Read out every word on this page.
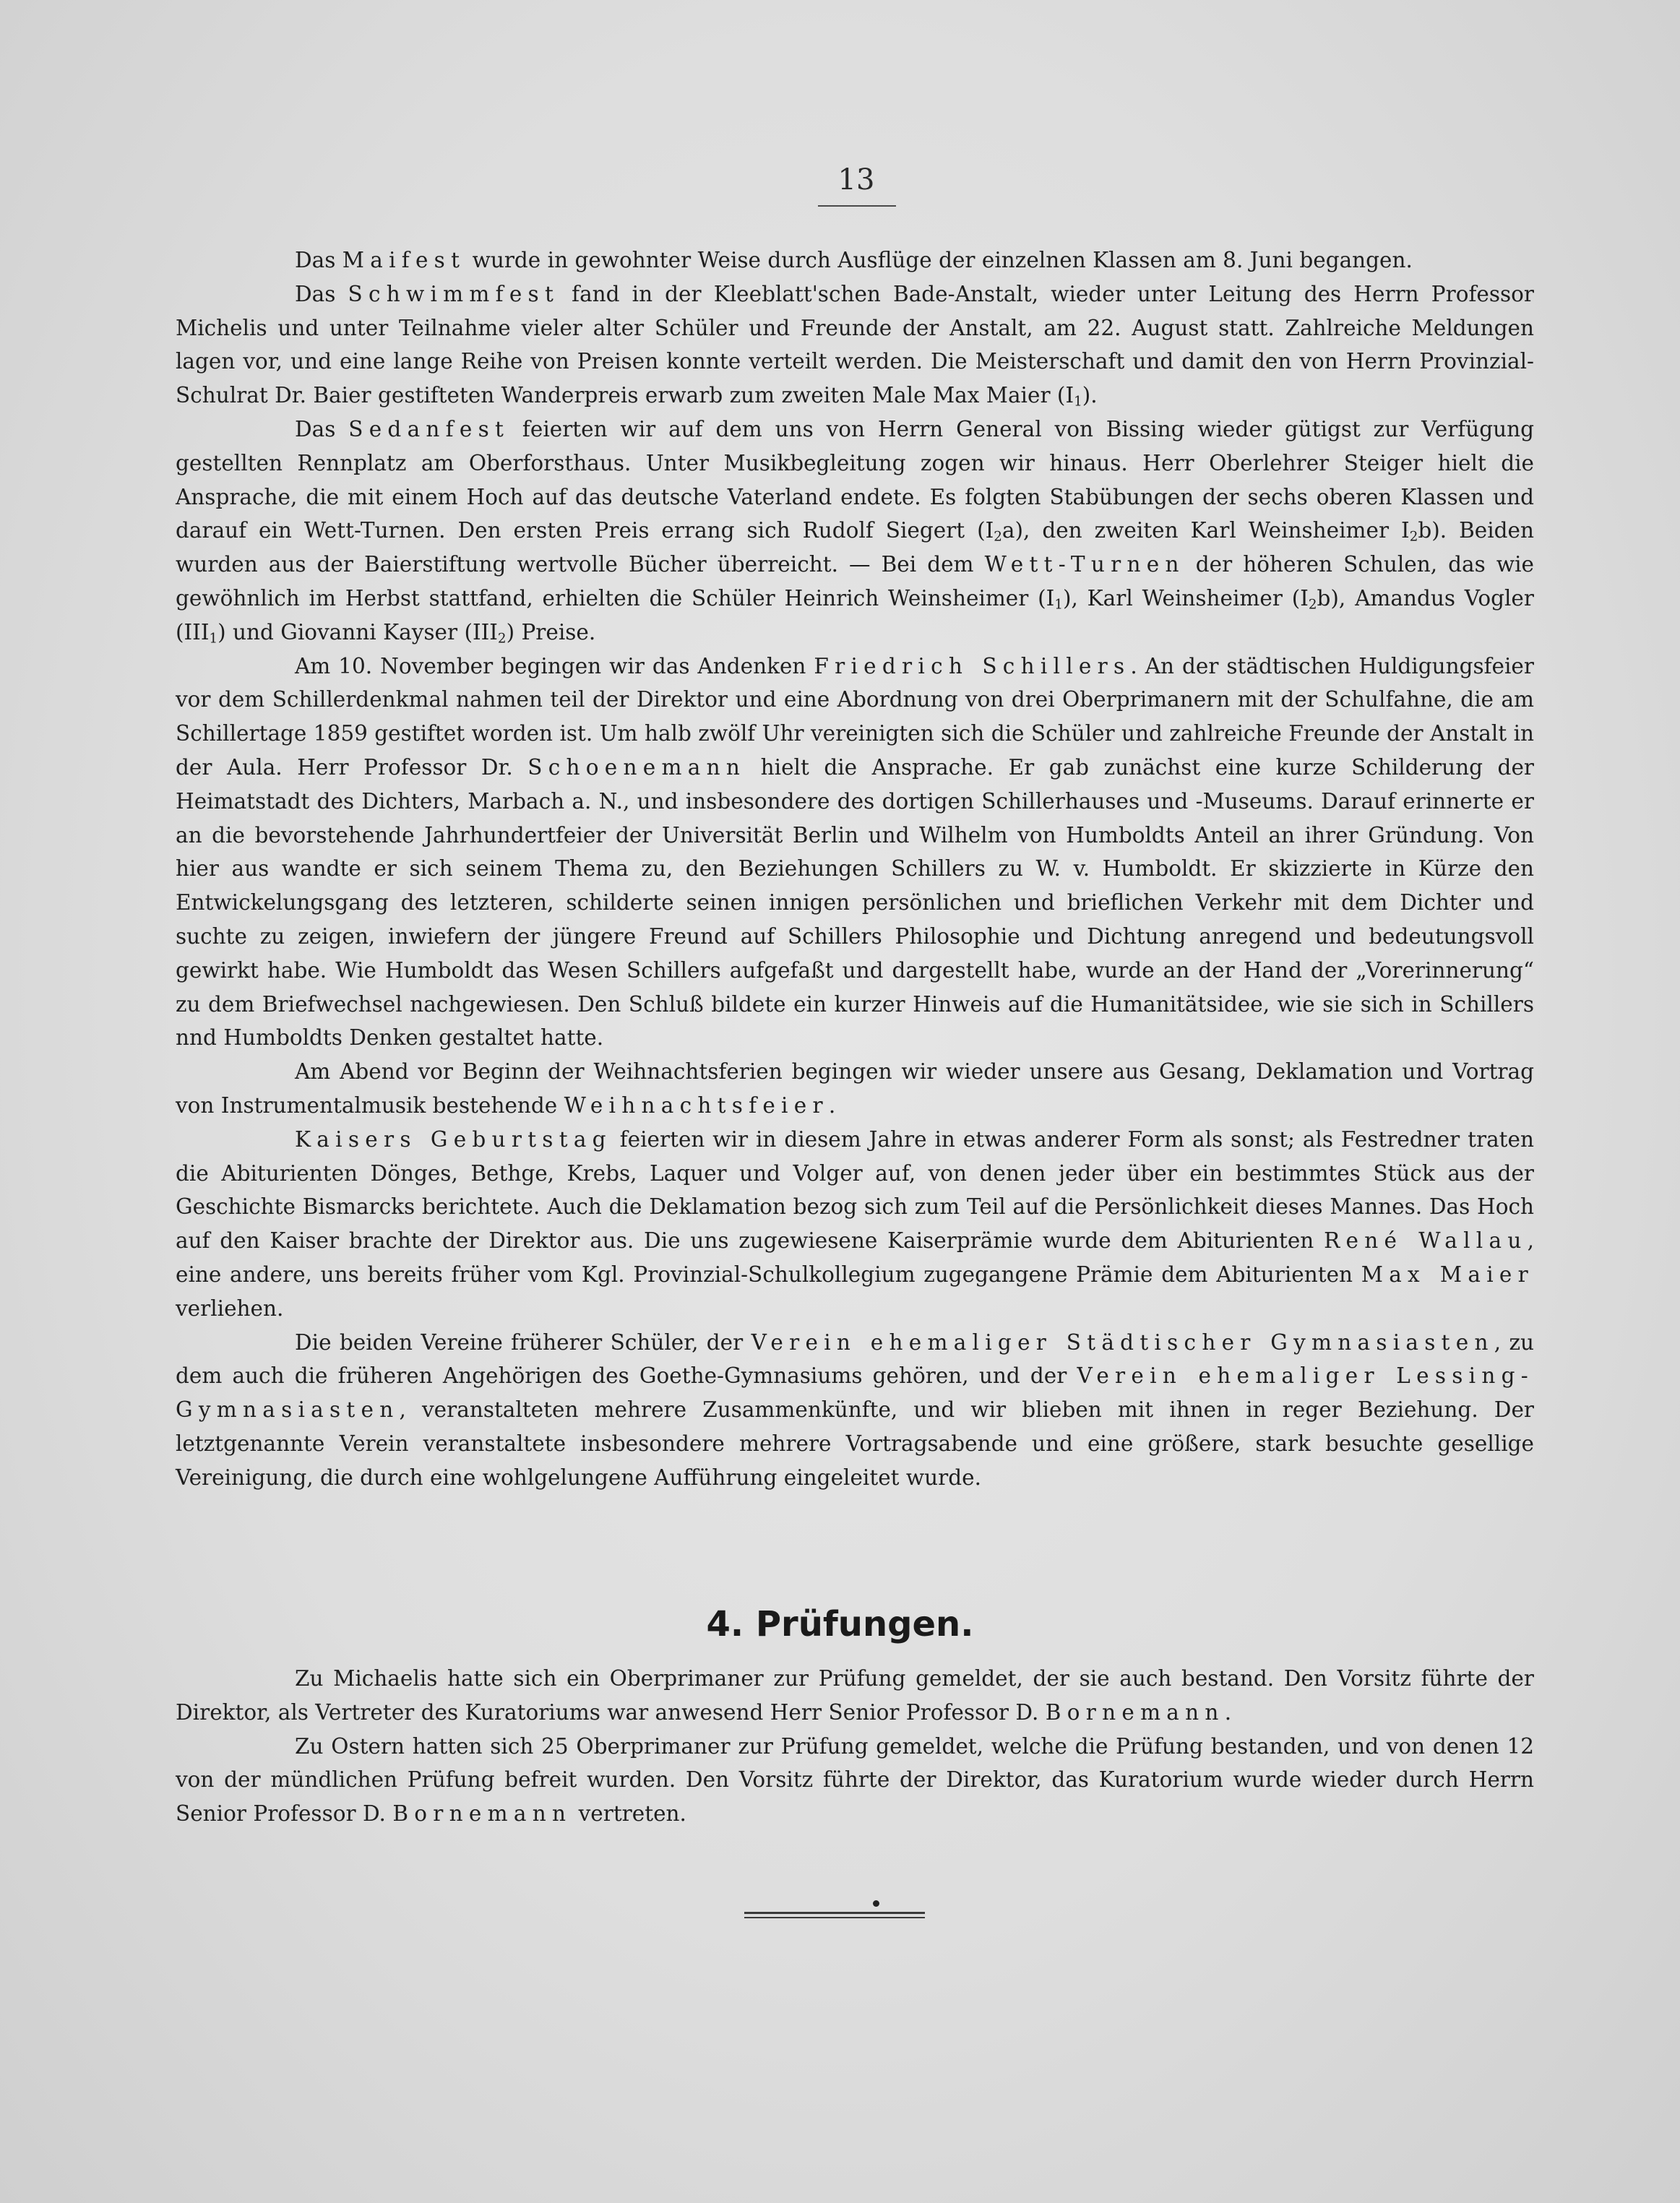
13

Das Maifest wurde in gewohnter Weise durch Ausflüge der einzelnen Klassen am 8. Juni begangen.

Das Schwimmfest fand in der Kleeblatt'schen Bade-Anstalt, wieder unter Leitung des Herrn Professor Michelis und unter Teilnahme vieler alter Schüler und Freunde der Anstalt, am 22. August statt. Zahlreiche Meldungen lagen vor, und eine lange Reihe von Preisen konnte verteilt werden. Die Meisterschaft und damit den von Herrn Provinzial-Schulrat Dr. Baier gestifteten Wanderpreis erwarb zum zweiten Male Max Maier $(I_1)$.

Das Sedanfest feierten wir auf dem uns von Herrn General von Bissing wieder gütigst zur Verfügung gestellten Rennplatz am Oberforsthaus. Unter Musikbegleitung zogen wir hinaus. Herr Oberlehrer Steiger hielt die Ansprache, die mit einem Hoch auf das deutsche Vaterland endete. Es folgten Stabübungen der sechs oberen Klassen und darauf ein Wett-Turnen. Den ersten Preis errang sich Rudolf Siegert $(I_2a)$, den zweiten Karl Weinsheimer $I_2b$). Beiden wurden aus der Baierstiftung wertvolle Bücher überreicht. — Bei dem Wett-Turnen der höheren Schulen, das wie gewöhnlich im Herbst stattfand, erhielten die Schüler Heinrich Weinsheimer $(I_1)$, Karl Weinsheimer $(I_2b)$, Amandus Vogler $(III_1)$ und Giovanni Kayser $(III_2)$ Preise.

Am 10. November begingen wir das Andenken Friedrich Schillers. An der städtischen Huldigungsfeier vor dem Schillerdenkmal nahmen teil der Direktor und eine Abordnung von drei Oberprimanern mit der Schulfahne, die am Schillertage 1859 gestiftet worden ist. Um halb zwölf Uhr vereinigten sich die Schüler und zahlreiche Freunde der Anstalt in der Aula. Herr Professor Dr. Schoenemann hielt die Ansprache. Er gab zunächst eine kurze Schilderung der Heimatstadt des Dichters, Marbach a. N., und insbesondere des dortigen Schillerhauses und -Museums. Darauf erinnerte er an die bevorstehende Jahrhundertfeier der Universität Berlin und Wilhelm von Humboldts Anteil an ihrer Gründung. Von hier aus wandte er sich seinem Thema zu, den Beziehungen Schillers zu W. v. Humboldt. Er skizzierte in Kürze den Entwickelungsgang des letzteren, schilderte seinen innigen persönlichen und brieflichen Verkehr mit dem Dichter und suchte zu zeigen, inwiefern der jüngere Freund auf Schillers Philosophie und Dichtung anregend und bedeutungsvoll gewirkt habe. Wie Humboldt das Wesen Schillers aufgefaßt und dargestellt habe, wurde an der Hand der „Vorerinnerung“ zu dem Briefwechsel nachgewiesen. Den Schluß bildete ein kurzer Hinweis auf die Humanitätsidee, wie sie sich in Schillers nnd Humboldts Denken gestaltet hatte.

Am Abend vor Beginn der Weihnachtsferien begingen wir wieder unsere aus Gesang, Deklamation und Vortrag von Instrumentalmusik bestehende Weihnachtsfeier.

Kaisers Geburtstag feierten wir in diesem Jahre in etwas anderer Form als sonst; als Festredner traten die Abiturienten Dönges, Bethge, Krebs, Laquer und Volger auf, von denen jeder über ein bestimmtes Stück aus der Geschichte Bismarcks berichtete. Auch die Deklamation bezog sich zum Teil auf die Persönlichkeit dieses Mannes. Das Hoch auf den Kaiser brachte der Direktor aus. Die uns zugewiesene Kaiserprämie wurde dem Abiturienten René Wallau, eine andere, uns bereits früher vom Kgl. Provinzial-Schulkollegium zugegangene Prämie dem Abiturienten Max Maier verliehen.

Die beiden Vereine früherer Schüler, der Verein ehemaliger Städtischer Gymnasiasten, zu dem auch die früheren Angehörigen des Goethe-Gymnasiums gehören, und der Verein ehemaliger Lessing-Gymnasiasten, veranstalteten mehrere Zusammenkünfte, und wir blieben mit ihnen in reger Beziehung. Der letztgenannte Verein veranstaltete insbesondere mehrere Vortragsabende und eine größere, stark besuchte gesellige Vereinigung, die durch eine wohlgelungene Aufführung eingeleitet wurde.

4. Prüfungen.

Zu Michaelis hatte sich ein Oberprimaner zur Prüfung gemeldet, der sie auch bestand. Den Vorsitz führte der Direktor, als Vertreter des Kuratoriums war anwesend Herr Senior Professor D. Bornemann.

Zu Ostern hatten sich 25 Oberprimaner zur Prüfung gemeldet, welche die Prüfung bestanden, und von denen 12 von der mündlichen Prüfung befreit wurden. Den Vorsitz führte der Direktor, das Kuratorium wurde wieder durch Herrn Senior Professor D. Bornemann vertreten.
